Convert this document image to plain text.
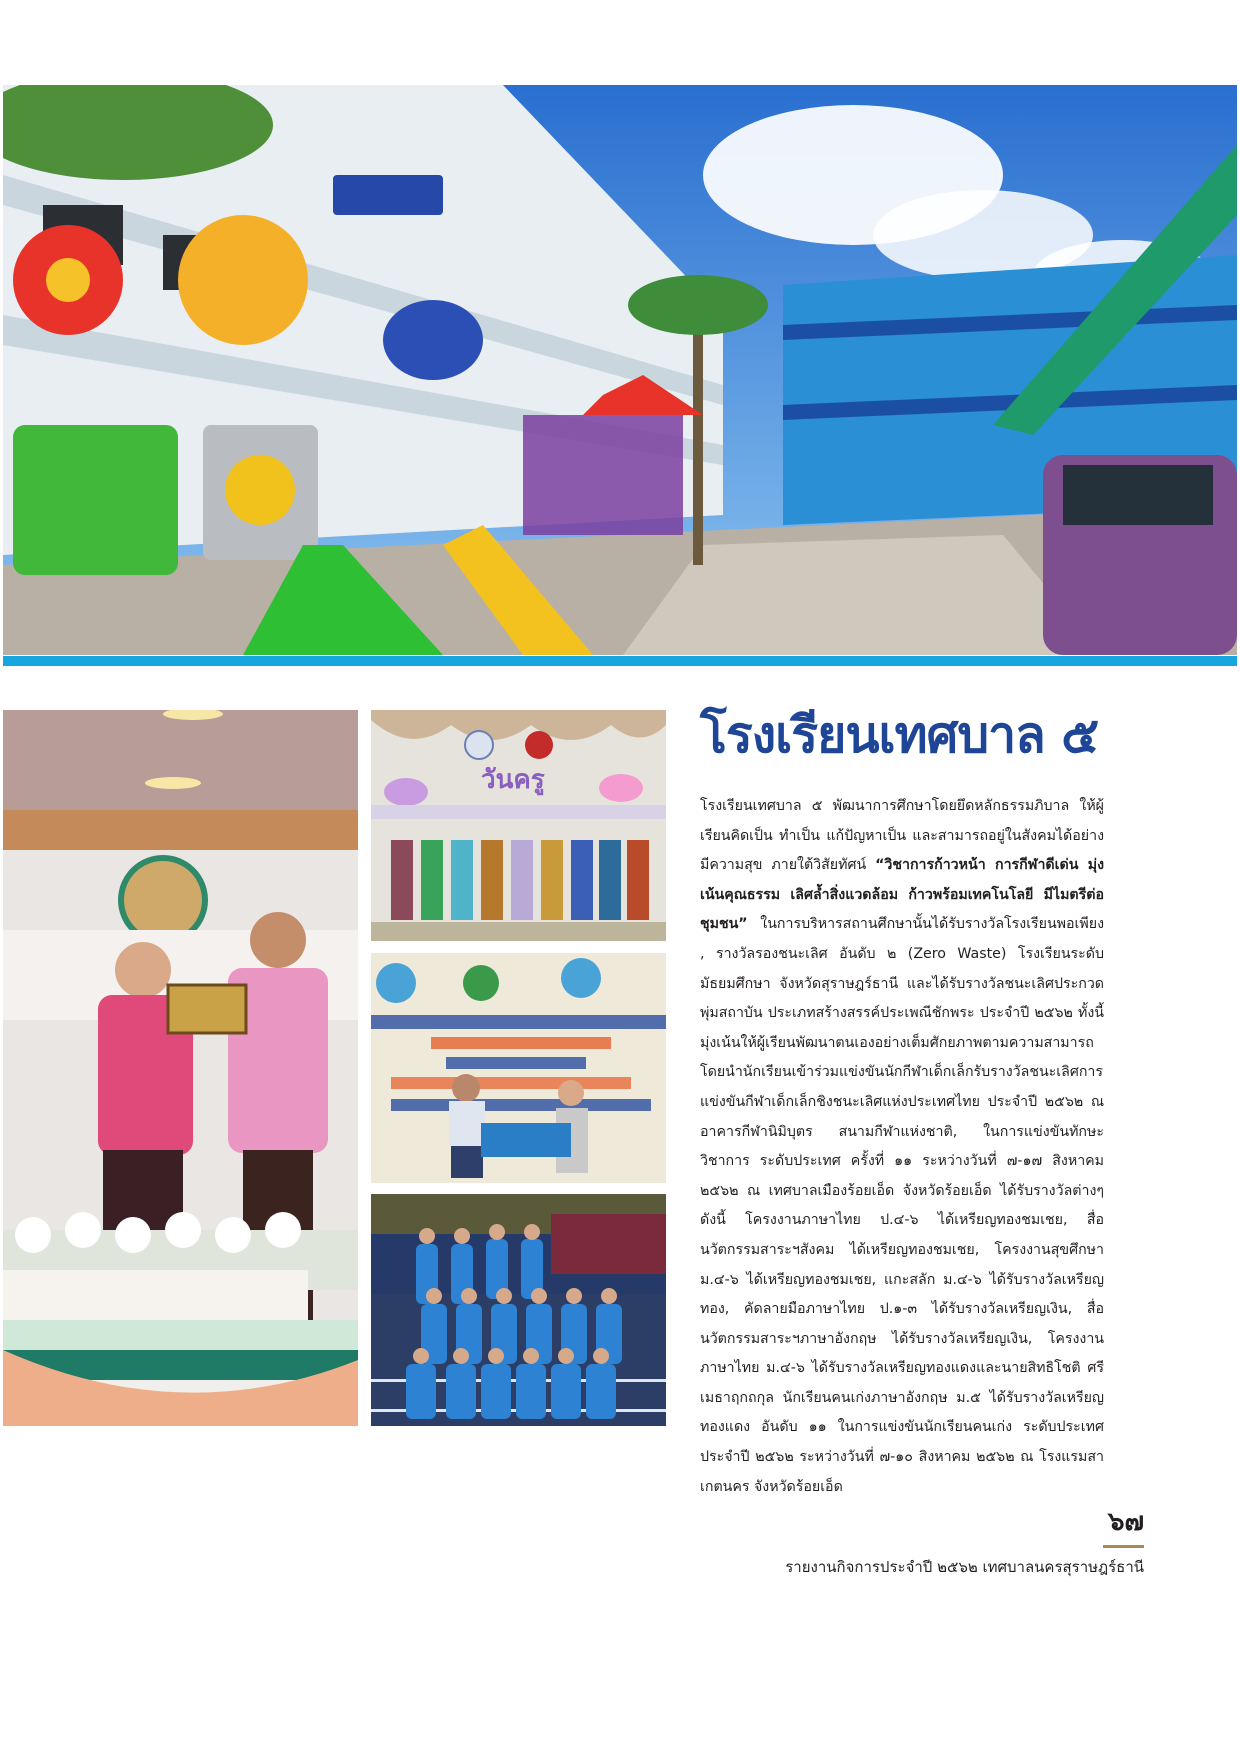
วันครู
โรงเรียนเทศบาล ๕

โรงเรียนเทศบาล ๕ พัฒนาการศึกษาโดยยึดหลักธรรมภิบาล ให้ผู้เรียนคิดเป็น ทำเป็น แก้ปัญหาเป็น และสามารถอยู่ในสังคมได้อย่างมีความสุข ภายใต้วิสัยทัศน์ “วิชาการก้าวหน้า การกีฬาดีเด่น มุ่งเน้นคุณธรรม เลิศล้ำสิ่งแวดล้อม ก้าวพร้อมเทคโนโลยี มีไมตรีต่อชุมชน” ในการบริหารสถานศึกษานั้นได้รับรางวัลโรงเรียนพอเพียง , รางวัลรองชนะเลิศ อันดับ ๒ (Zero Waste) โรงเรียนระดับมัธยมศึกษา จังหวัดสุราษฎร์ธานี และได้รับรางวัลชนะเลิศประกวดพุ่มสถาบัน ประเภทสร้างสรรค์ประเพณีชักพระ ประจำปี ๒๕๖๒ ทั้งนี้มุ่งเน้นให้ผู้เรียนพัฒนาตนเองอย่างเต็มศักยภาพตามความสามารถ โดยนำนักเรียนเข้าร่วมแข่งขันนักกีฬาเด็กเล็กรับรางวัลชนะเลิศการแข่งขันกีฬาเด็กเล็กชิงชนะเลิศแห่งประเทศไทย ประจำปี ๒๕๖๒ ณ อาคารกีฬานิมิบุตร สนามกีฬาแห่งชาติ, ในการแข่งขันทักษะวิชาการ ระดับประเทศ ครั้งที่ ๑๑ ระหว่างวันที่ ๗-๑๗ สิงหาคม ๒๕๖๒ ณ เทศบาลเมืองร้อยเอ็ด จังหวัดร้อยเอ็ด ได้รับรางวัลต่างๆ ดังนี้ โครงงานภาษาไทย ป.๔-๖ ได้เหรียญทองชมเชย, สื่อนวัตกรรมสาระฯสังคม ได้เหรียญทองชมเชย, โครงงานสุขศึกษา ม.๔-๖ ได้เหรียญทองชมเชย, แกะสลัก ม.๔-๖ ได้รับรางวัลเหรียญทอง, คัดลายมือภาษาไทย ป.๑-๓ ได้รับรางวัลเหรียญเงิน, สื่อนวัตกรรมสาระฯภาษาอังกฤษ ได้รับรางวัลเหรียญเงิน, โครงงานภาษาไทย ม.๔-๖ ได้รับรางวัลเหรียญทองแดงและนายสิทธิโชติ ศรีเมธาฤกถกุล นักเรียนคนเก่งภาษาอังกฤษ ม.๕ ได้รับรางวัลเหรียญทองแดง อันดับ ๑๑ ในการแข่งขันนักเรียนคนเก่ง ระดับประเทศ ประจำปี ๒๕๖๒ ระหว่างวันที่ ๗-๑๐ สิงหาคม ๒๕๖๒ ณ โรงแรมสาเกตนคร จังหวัดร้อยเอ็ด

๖๗
รายงานกิจการประจำปี ๒๕๖๒ เทศบาลนครสุราษฎร์ธานี
